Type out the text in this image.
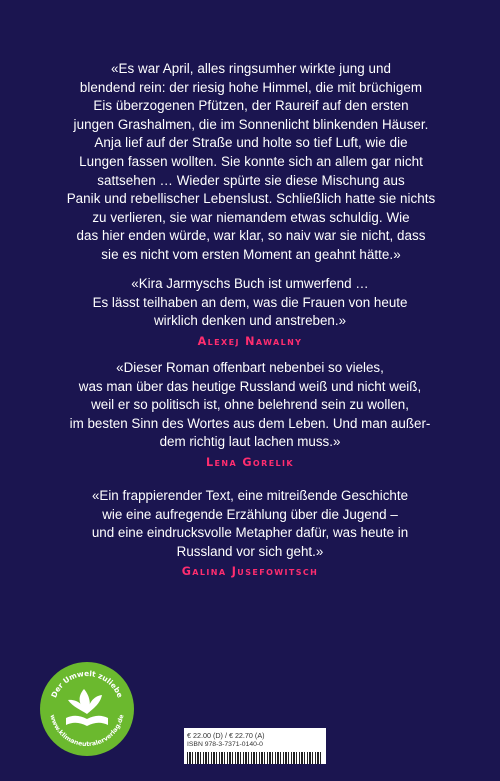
«Es war April, alles ringsumher wirkte jung und
blendend rein: der riesig hohe Himmel, die mit brüchigem
Eis überzogenen Pfützen, der Raureif auf den ersten
jungen Grashalmen, die im Sonnenlicht blinkenden Häuser.
Anja lief auf der Straße und holte so tief Luft, wie die
Lungen fassen wollten. Sie konnte sich an allem gar nicht
sattsehen … Wieder spürte sie diese Mischung aus
Panik und rebellischer Lebenslust. Schließlich hatte sie nichts
zu verlieren, sie war niemandem etwas schuldig. Wie
das hier enden würde, war klar, so naiv war sie nicht, dass
sie es nicht vom ersten Moment an geahnt hätte.»
«Kira Jarmyschs Buch ist umwerfend …
Es lässt teilhaben an dem, was die Frauen von heute
wirklich denken und anstreben.»
Alexej Nawalny
«Dieser Roman offenbart nebenbei so vieles,
was man über das heutige Russland weiß und nicht weiß,
weil er so politisch ist, ohne belehrend sein zu wollen,
im besten Sinn des Wortes aus dem Leben. Und man außer-
dem richtig laut lachen muss.»
Lena Gorelik
«Ein frappierender Text, eine mitreißende Geschichte
wie eine aufregende Erzählung über die Jugend –
und eine eindrucksvolle Metapher dafür, was heute in
Russland vor sich geht.»
Galina Jusefowitsch
Der Umwelt zuliebe
www.klimaneutralerverlag.de
€ 22.00 (D) / € 22.70 (A)
ISBN 978-3-7371-0140-0
